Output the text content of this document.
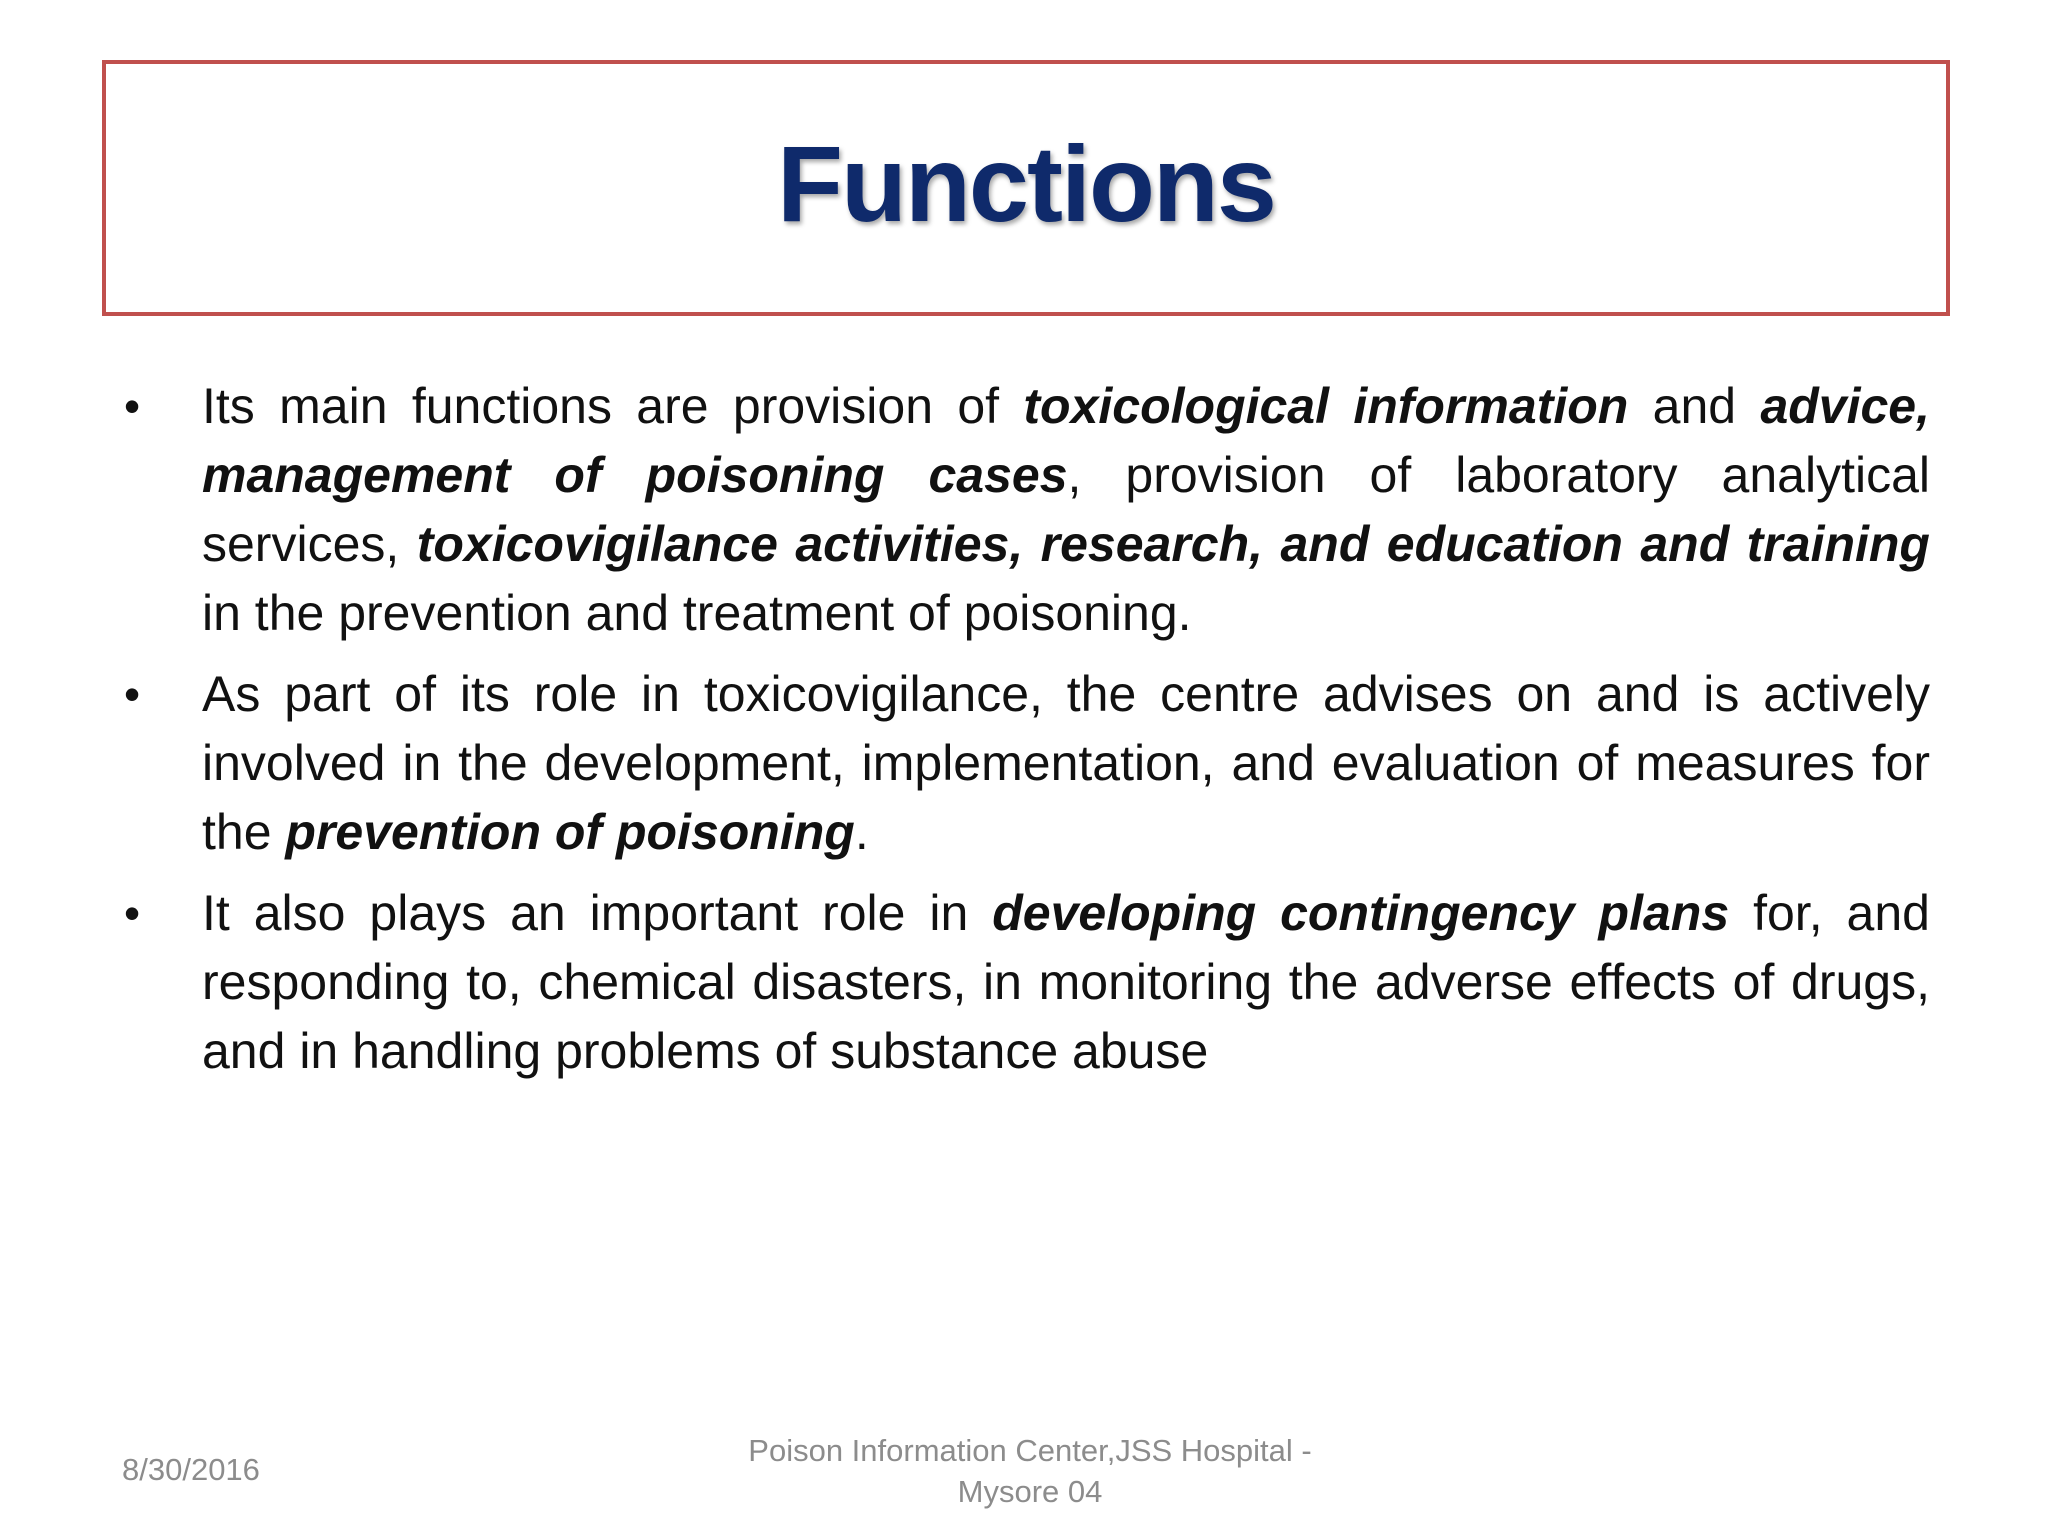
Functions
• Its main functions are provision of toxicological information and advice, management of poisoning cases, provision of laboratory analytical services, toxicovigilance activities, research, and education and training in the prevention and treatment of poisoning.
• As part of its role in toxicovigilance, the centre advises on and is actively involved in the development, implementation, and evaluation of measures for the prevention of poisoning.
• It also plays an important role in developing contingency plans for, and responding to, chemical disasters, in monitoring the adverse effects of drugs, and in handling problems of substance abuse
8/30/2016
Poison Information Center,JSS Hospital -
Mysore 04
